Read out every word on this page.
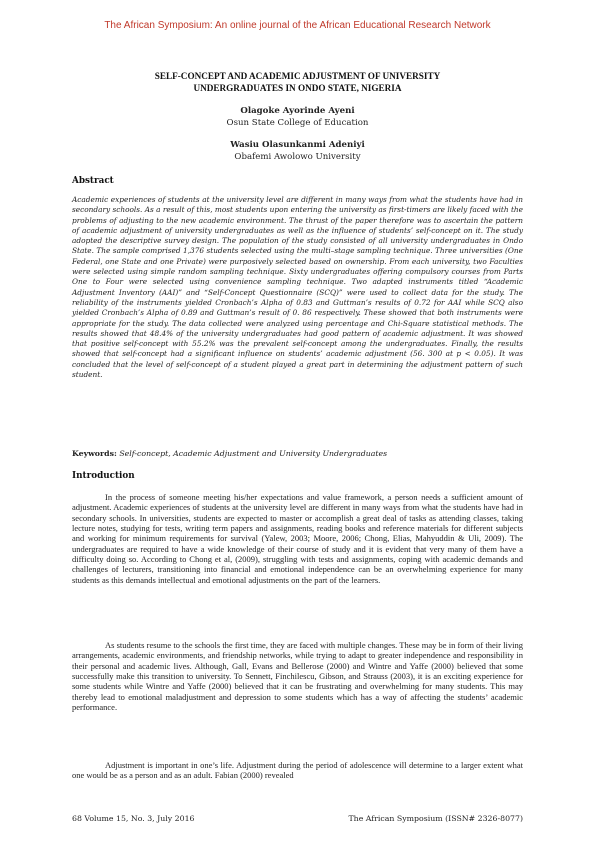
The African Symposium: An online journal of the African Educational Research Network
SELF-CONCEPT AND ACADEMIC ADJUSTMENT OF UNIVERSITY
UNDERGRADUATES IN ONDO STATE, NIGERIA
Olagoke Ayorinde Ayeni
Osun State College of Education
Wasiu Olasunkanmi Adeniyi
Obafemi Awolowo University
Abstract

Academic experiences of students at the university level are different in many ways from what the students have had in secondary schools. As a result of this, most students upon entering the university as first-timers are likely faced with the problems of adjusting to the new academic environment. The thrust of the paper therefore was to ascertain the pattern of academic adjustment of university undergraduates as well as the influence of students’ self-concept on it. The study adopted the descriptive survey design. The population of the study consisted of all university undergraduates in Ondo State. The sample comprised 1,376 students selected using the multi–stage sampling technique. Three universities (One Federal, one State and one Private) were purposively selected based on ownership. From each university, two Faculties were selected using simple random sampling technique. Sixty undergraduates offering compulsory courses from Parts One to Four were selected using convenience sampling technique. Two adapted instruments titled “Academic Adjustment Inventory (AAI)” and “Self-Concept Questionnaire (SCQ)” were used to collect data for the study. The reliability of the instruments yielded Cronbach’s Alpha of 0.83 and Guttman’s results of 0.72 for AAI while SCQ also yielded Cronbach’s Alpha of 0.89 and Guttman’s result of 0. 86 respectively. These showed that both instruments were appropriate for the study. The data collected were analyzed using percentage and Chi-Square statistical methods. The results showed that 48.4% of the university undergraduates had good pattern of academic adjustment. It was showed that positive self-concept with 55.2% was the prevalent self-concept among the undergraduates. Finally, the results showed that self-concept had a significant influence on students’ academic adjustment (56. 300 at p < 0.05). It was concluded that the level of self-concept of a student played a great part in determining the adjustment pattern of such student.

Keywords: Self-concept, Academic Adjustment and University Undergraduates
Introduction

In the process of someone meeting his/her expectations and value framework, a person needs a sufficient amount of adjustment. Academic experiences of students at the university level are different in many ways from what the students have had in secondary schools. In universities, students are expected to master or accomplish a great deal of tasks as attending classes, taking lecture notes, studying for tests, writing term papers and assignments, reading books and reference materials for different subjects and working for minimum requirements for survival (Yalew, 2003; Moore, 2006; Chong, Elias, Mahyuddin & Uli, 2009). The undergraduates are required to have a wide knowledge of their course of study and it is evident that very many of them have a difficulty doing so. According to Chong et al, (2009), struggling with tests and assignments, coping with academic demands and challenges of lecturers, transitioning into financial and emotional independence can be an overwhelming experience for many students as this demands intellectual and emotional adjustments on the part of the learners.

As students resume to the schools the first time, they are faced with multiple changes. These may be in form of their living arrangements, academic environments, and friendship networks, while trying to adapt to greater independence and responsibility in their personal and academic lives. Although, Gall, Evans and Bellerose (2000) and Wintre and Yaffe (2000) believed that some successfully make this transition to university. To Sennett, Finchilescu, Gibson, and Strauss (2003), it is an exciting experience for some students while Wintre and Yaffe (2000) believed that it can be frustrating and overwhelming for many students. This may thereby lead to emotional maladjustment and depression to some students which has a way of affecting the students’ academic performance.

Adjustment is important in one’s life. Adjustment during the period of adolescence will determine to a larger extent what one would be as a person and as an adult. Fabian (2000) revealed

68 Volume 15, No. 3, July 2016	The African Symposium (ISSN# 2326-8077)
